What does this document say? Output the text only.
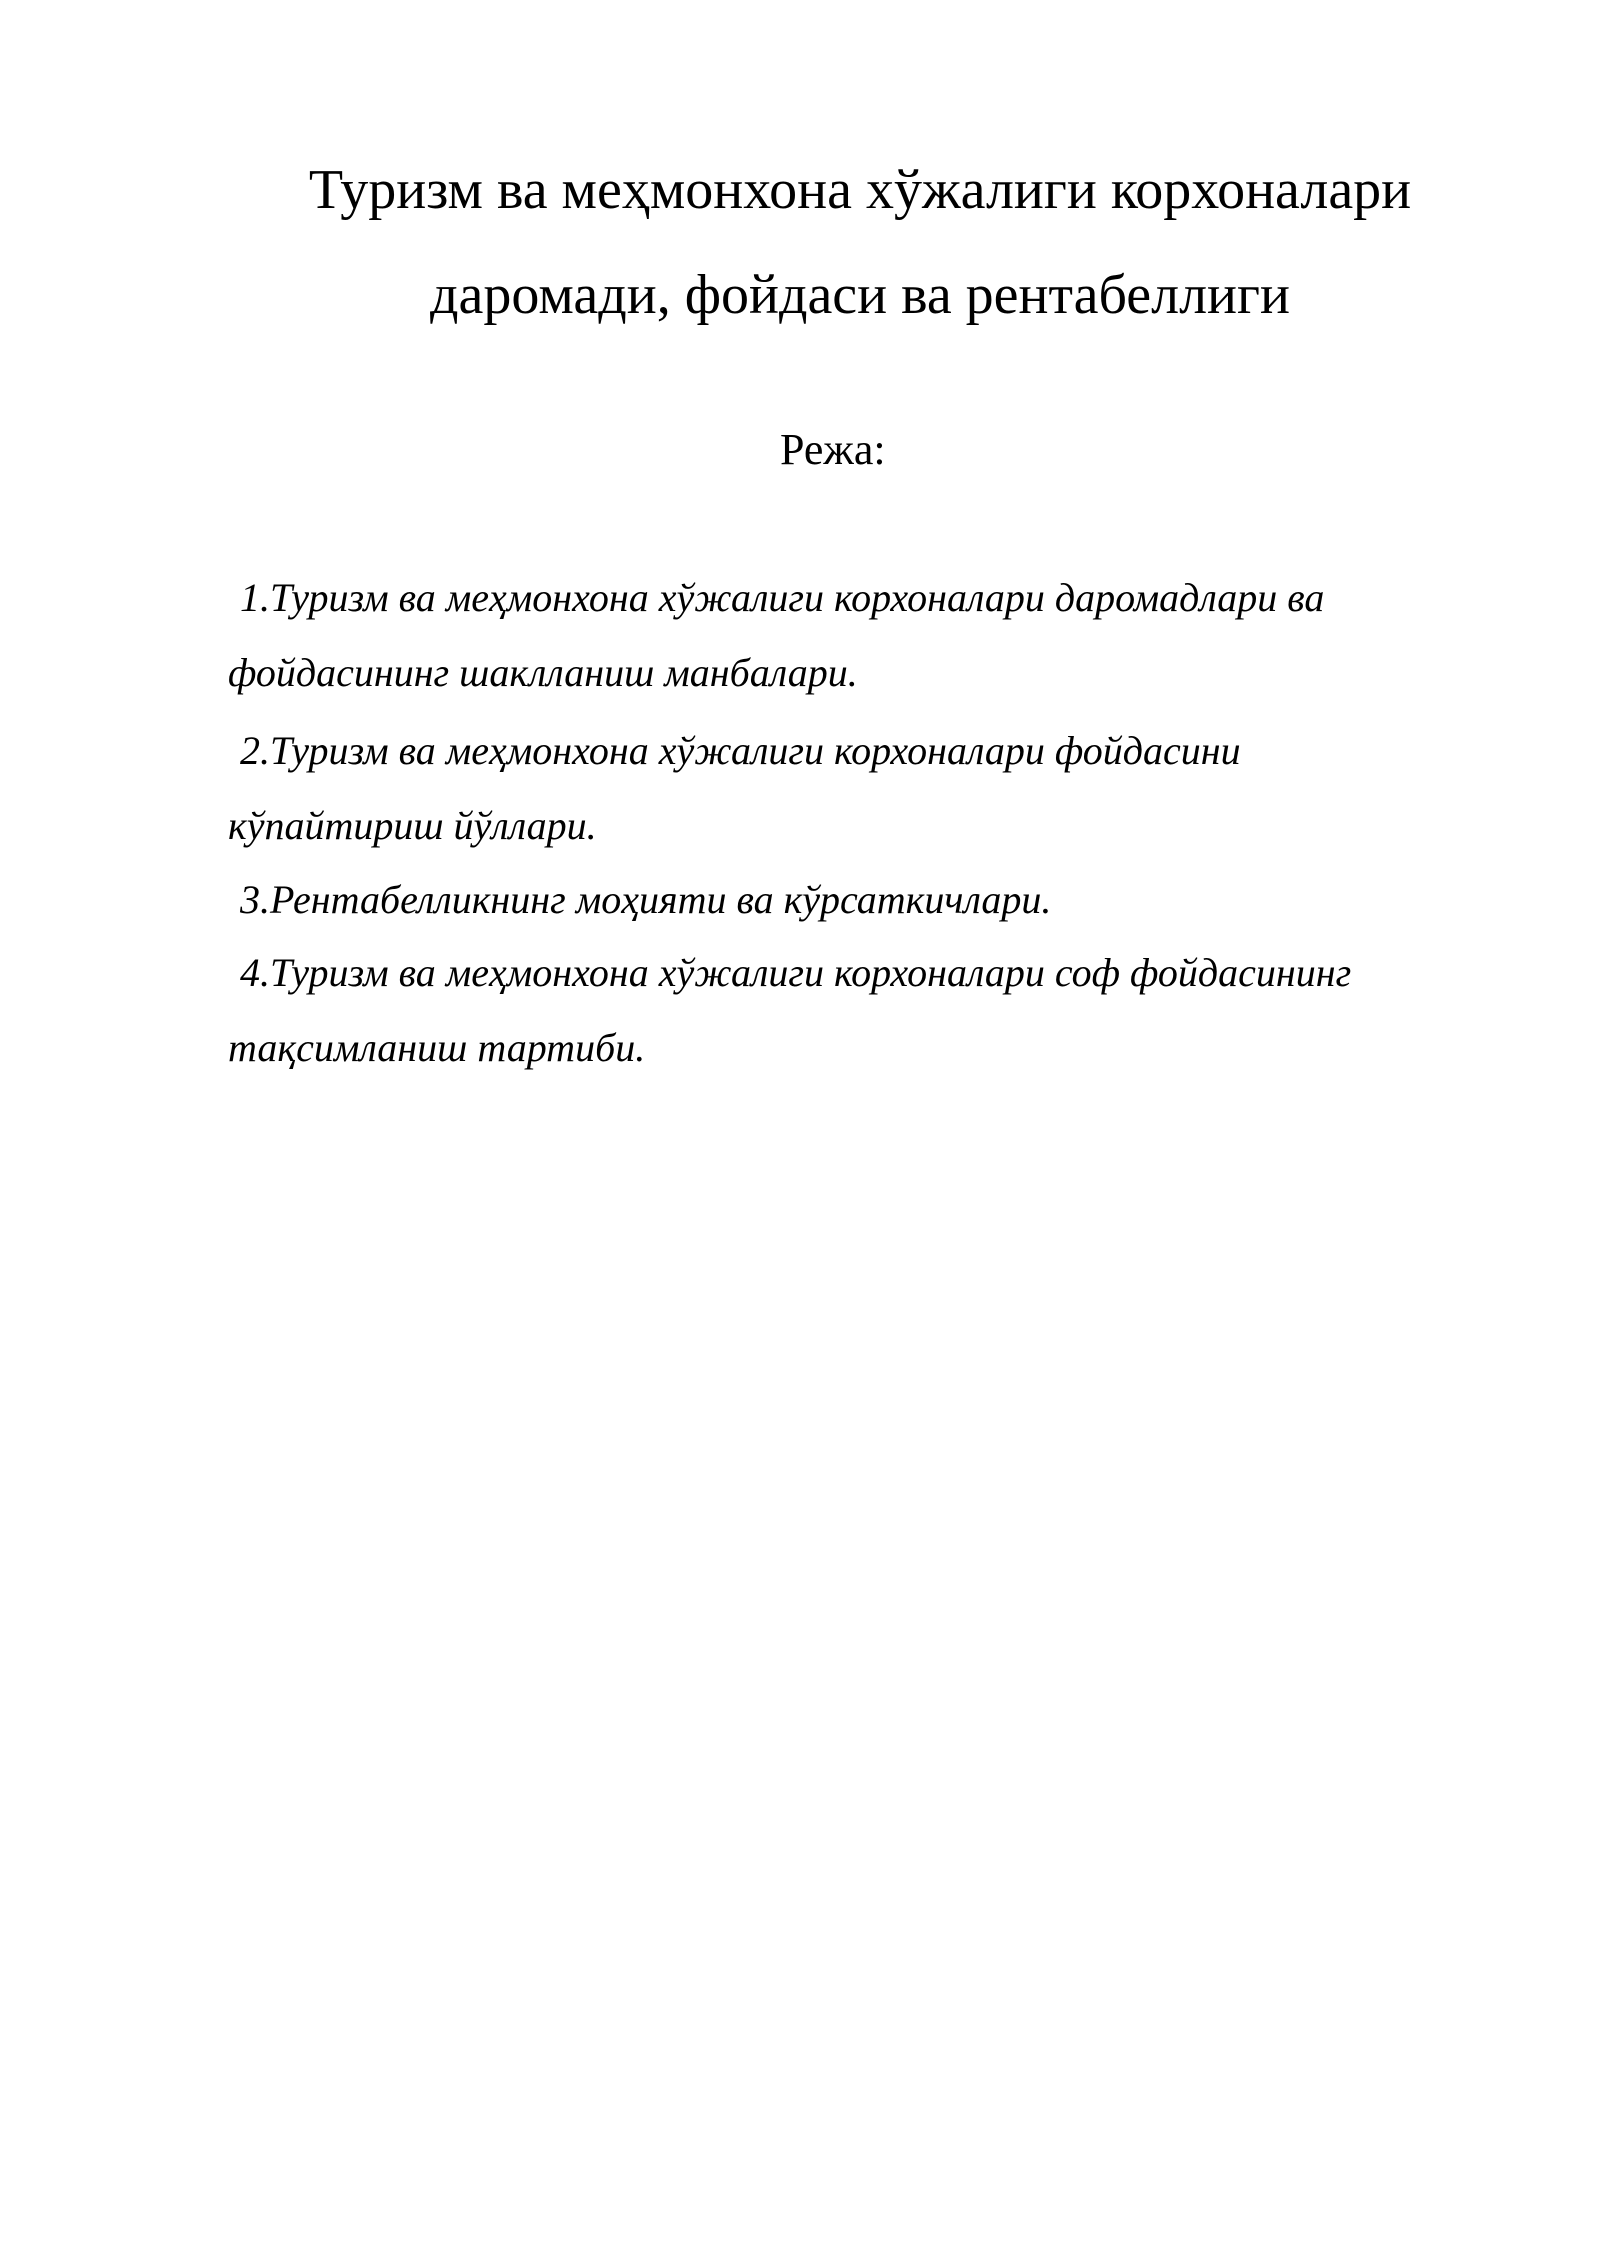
Туризм ва меҳмонхона хўжалиги корхоналари
даромади, фойдаси ва рентабеллиги
Режа:

1.Туризм ва меҳмонхона хўжалиги корхоналари даромадлари ва

фойдасининг шаклланиш манбалари.

2.Туризм ва меҳмонхона хўжалиги корхоналари фойдасини

кўпайтириш йўллари.

3.Рентабелликнинг моҳияти ва кўрсаткичлари.

4.Туризм ва меҳмонхона хўжалиги корхоналари соф фойдасининг

тақсимланиш тартиби.
